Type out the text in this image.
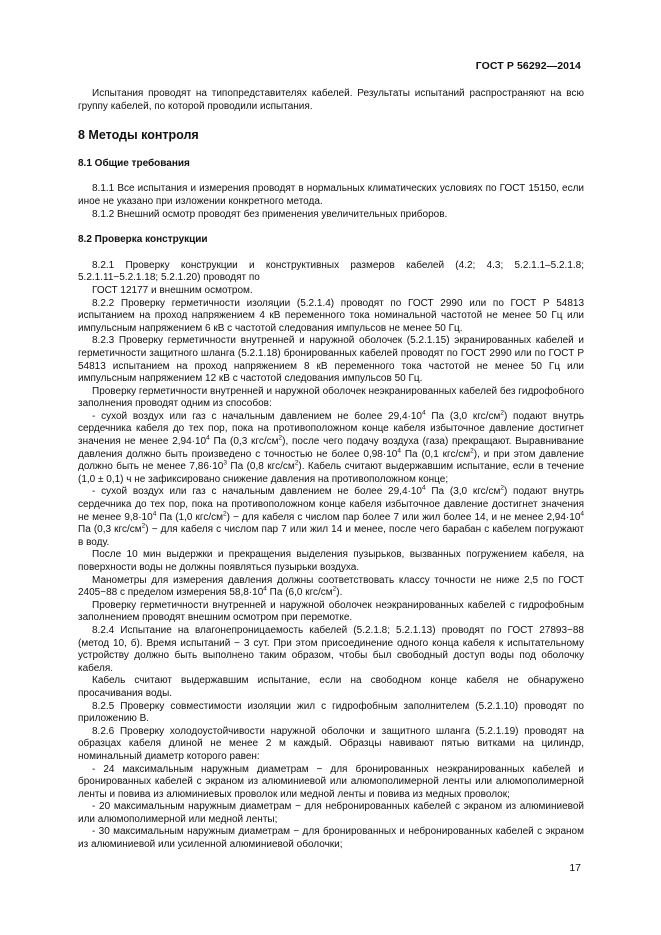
ГОСТ Р 56292—2014

Испытания проводят на типопредставителях кабелей. Результаты испытаний распространяют на всю группу кабелей, по которой проводили испытания.

8 Методы контроля
8.1 Общие требования

8.1.1 Все испытания и измерения проводят в нормальных климатических условиях по ГОСТ 15150, если иное не указано при изложении конкретного метода.

8.1.2 Внешний осмотр проводят без применения увеличительных приборов.

8.2 Проверка конструкции

8.2.1 Проверку конструкции и конструктивных размеров кабелей (4.2; 4.3; 5.2.1.1–5.2.1.8; 5.2.1.11−5.2.1.18; 5.2.1.20) проводят по

ГОСТ 12177 и внешним осмотром.

8.2.2 Проверку герметичности изоляции (5.2.1.4) проводят по ГОСТ 2990 или по ГОСТ Р 54813 испытанием на проход напряжением 4 кВ переменного тока номинальной частотой не менее 50 Гц или импульсным напряжением 6 кВ с частотой следования импульсов не менее 50 Гц.

8.2.3 Проверку герметичности внутренней и наружной оболочек (5.2.1.15) экранированных кабелей и герметичности защитного шланга (5.2.1.18) бронированных кабелей проводят по ГОСТ 2990 или по ГОСТ Р 54813 испытанием на проход напряжением 8 кВ переменного тока частотой не менее 50 Гц или импульсным напряжением 12 кВ с частотой следования импульсов 50 Гц.

Проверку герметичности внутренней и наружной оболочек неэкранированных кабелей без гидрофобного заполнения проводят одним из способов:

- сухой воздух или газ с начальным давлением не более $29,4\cdot 10^4$ Па (3,0 кгс/$см^2$) подают внутрь сердечника кабеля до тех пор, пока на противоположном конце кабеля избыточное давление достигнет значения не менее $2,94\cdot 10^4$ Па (0,3 кгс/$см^2$), после чего подачу воздуха (газа) прекращают. Выравнивание давления должно быть произведено с точностью не более $0,98\cdot 10^4$ Па (0,1 кгс/$см^2$), и при этом давление должно быть не менее $7,86\cdot 10^3$ Па (0,8 кгс/$см^2$). Кабель считают выдержавшим испытание, если в течение (1,0 ± 0,1) ч не зафиксировано снижение давления на противоположном конце;

- сухой воздух или газ с начальным давлением не более $29,4\cdot 10^4$ Па (3,0 кгс/$см^2$) подают внутрь сердечника до тех пор, пока на противоположном конце кабеля избыточное давление достигнет значения не менее $9,8\cdot 10^4$ Па (1,0 кгс/$см^2$) − для кабеля с числом пар более 7 или жил более 14, и не менее $2,94\cdot 10^4$ Па (0,3 кгс/$см^2$) − для кабеля с числом пар 7 или жил 14 и менее, после чего барабан с кабелем погружают в воду.

После 10 мин выдержки и прекращения выделения пузырьков, вызванных погружением кабеля, на поверхности воды не должны появляться пузырьки воздуха.

Манометры для измерения давления должны соответствовать классу точности не ниже 2,5 по ГОСТ 2405−88 с пределом измерения $58,8\cdot 10^4$ Па (6,0 кгс/$см^2$).

Проверку герметичности внутренней и наружной оболочек неэкранированных кабелей с гидрофобным заполнением проводят внешним осмотром при перемотке.

8.2.4 Испытание на влагонепроницаемость кабелей (5.2.1.8; 5.2.1.13) проводят по ГОСТ 27893−88 (метод 10, б). Время испытаний − 3 сут. При этом присоединение одного конца кабеля к испытательному устройству должно быть выполнено таким образом, чтобы был свободный доступ воды под оболочку кабеля.

Кабель считают выдержавшим испытание, если на свободном конце кабеля не обнаружено просачивания воды.

8.2.5 Проверку совместимости изоляции жил с гидрофобным заполнителем (5.2.1.10) проводят по приложению В.

8.2.6 Проверку холодоустойчивости наружной оболочки и защитного шланга (5.2.1.19) проводят на образцах кабеля длиной не менее 2 м каждый. Образцы навивают пятью витками на цилиндр, номинальный диаметр которого равен:

- 24 максимальным наружным диаметрам − для бронированных неэкранированных кабелей и бронированных кабелей с экраном из алюминиевой или алюмополимерной ленты или алюмополимерной ленты и повива из алюминиевых проволок или медной ленты и повива из медных проволок;

- 20 максимальным наружным диаметрам − для небронированных кабелей с экраном из алюминиевой или алюмополимерной или медной ленты;

- 30 максимальным наружным диаметрам − для бронированных и небронированных кабелей с экраном из алюминиевой или усиленной алюминиевой оболочки;

17
